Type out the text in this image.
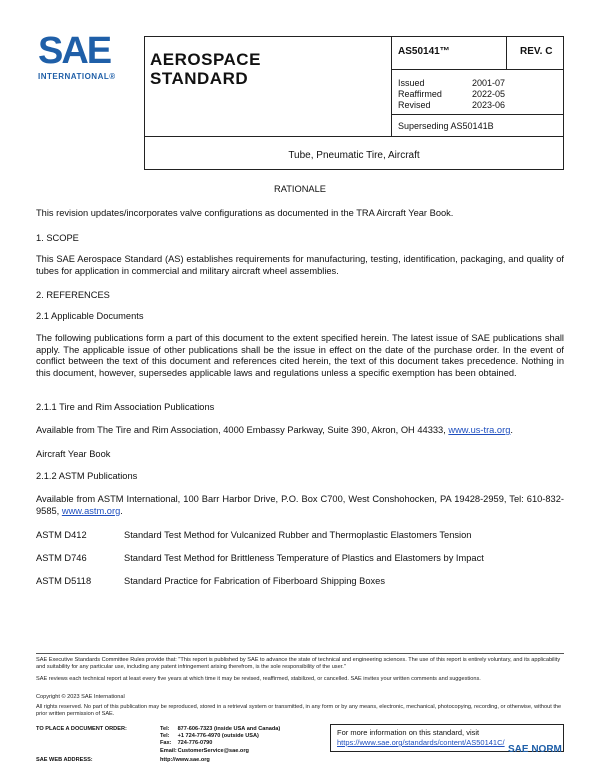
SAE
INTERNATIONAL®
AEROSPACE
STANDARD
AS50141™	REV. C
Issued	2001-07
Reaffirmed	2022-05
Revised	2023-06
Superseding AS50141B
Tube, Pneumatic Tire, Aircraft
RATIONALE
This revision updates/incorporates valve configurations as documented in the TRA Aircraft Year Book.
1. SCOPE
This SAE Aerospace Standard (AS) establishes requirements for manufacturing, testing, identification, packaging, and quality of tubes for application in commercial and military aircraft wheel assemblies.
2. REFERENCES
2.1 Applicable Documents
The following publications form a part of this document to the extent specified herein. The latest issue of SAE publications shall apply. The applicable issue of other publications shall be the issue in effect on the date of the purchase order. In the event of conflict between the text of this document and references cited herein, the text of this document takes precedence. Nothing in this document, however, supersedes applicable laws and regulations unless a specific exemption has been obtained.
2.1.1 Tire and Rim Association Publications
Available from The Tire and Rim Association, 4000 Embassy Parkway, Suite 390, Akron, OH 44333, www.us-tra.org.
Aircraft Year Book
2.1.2 ASTM Publications
Available from ASTM International, 100 Barr Harbor Drive, P.O. Box C700, West Conshohocken, PA 19428-2959, Tel: 610-832-9585, www.astm.org.
ASTM D412	Standard Test Method for Vulcanized Rubber and Thermoplastic Elastomers Tension
ASTM D746	Standard Test Method for Brittleness Temperature of Plastics and Elastomers by Impact
ASTM D5118	Standard Practice for Fabrication of Fiberboard Shipping Boxes
SAE Executive Standards Committee Rules provide that: "This report is published by SAE to advance the state of technical and engineering sciences. The use of this report is entirely voluntary, and its applicability and suitability for any particular use, including any patent infringement arising therefrom, is the sole responsibility of the user."
SAE reviews each technical report at least every five years at which time it may be revised, reaffirmed, stabilized, or cancelled. SAE invites your written comments and suggestions.
Copyright © 2023 SAE International
All rights reserved. No part of this publication may be reproduced, stored in a retrieval system or transmitted, in any form or by any means, electronic, mechanical, photocopying, recording, or otherwise, without the prior written permission of SAE.
TO PLACE A DOCUMENT ORDER:	Tel: 877-606-7323 (inside USA and Canada)
Tel: +1 724-776-4970 (outside USA)
Fax: 724-776-0790
Email: CustomerService@sae.org
SAE WEB ADDRESS:	http://www.sae.org
For more information on this standard, visit
https://www.sae.org/standards/content/AS50141C/
SAE NORM
